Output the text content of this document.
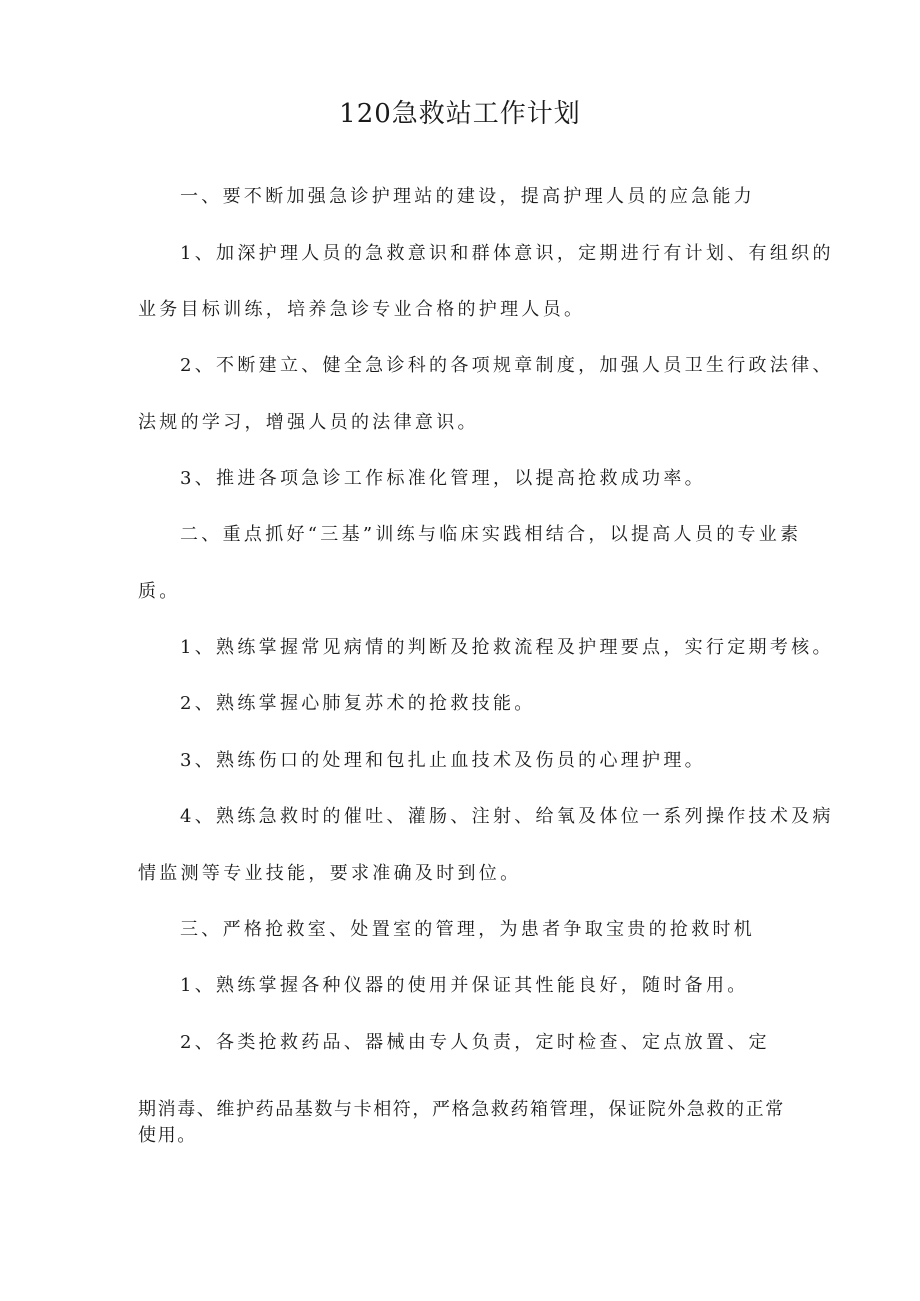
120急救站工作计划
一、要不断加强急诊护理站的建设，提高护理人员的应急能力
1、加深护理人员的急救意识和群体意识，定期进行有计划、有组织的
业务目标训练，培养急诊专业合格的护理人员。
2、不断建立、健全急诊科的各项规章制度，加强人员卫生行政法律、
法规的学习，增强人员的法律意识。
3、推进各项急诊工作标准化管理，以提高抢救成功率。
二、重点抓好“三基”训练与临床实践相结合，以提高人员的专业素
质。
1、熟练掌握常见病情的判断及抢救流程及护理要点，实行定期考核。
2、熟练掌握心肺复苏术的抢救技能。
3、熟练伤口的处理和包扎止血技术及伤员的心理护理。
4、熟练急救时的催吐、灌肠、注射、给氧及体位一系列操作技术及病
情监测等专业技能，要求准确及时到位。
三、严格抢救室、处置室的管理，为患者争取宝贵的抢救时机
1、熟练掌握各种仪器的使用并保证其性能良好，随时备用。
2、各类抢救药品、器械由专人负责，定时检查、定点放置、定
期消毒、维护药品基数与卡相符，严格急救药箱管理，保证院外急救的正常
使用。
